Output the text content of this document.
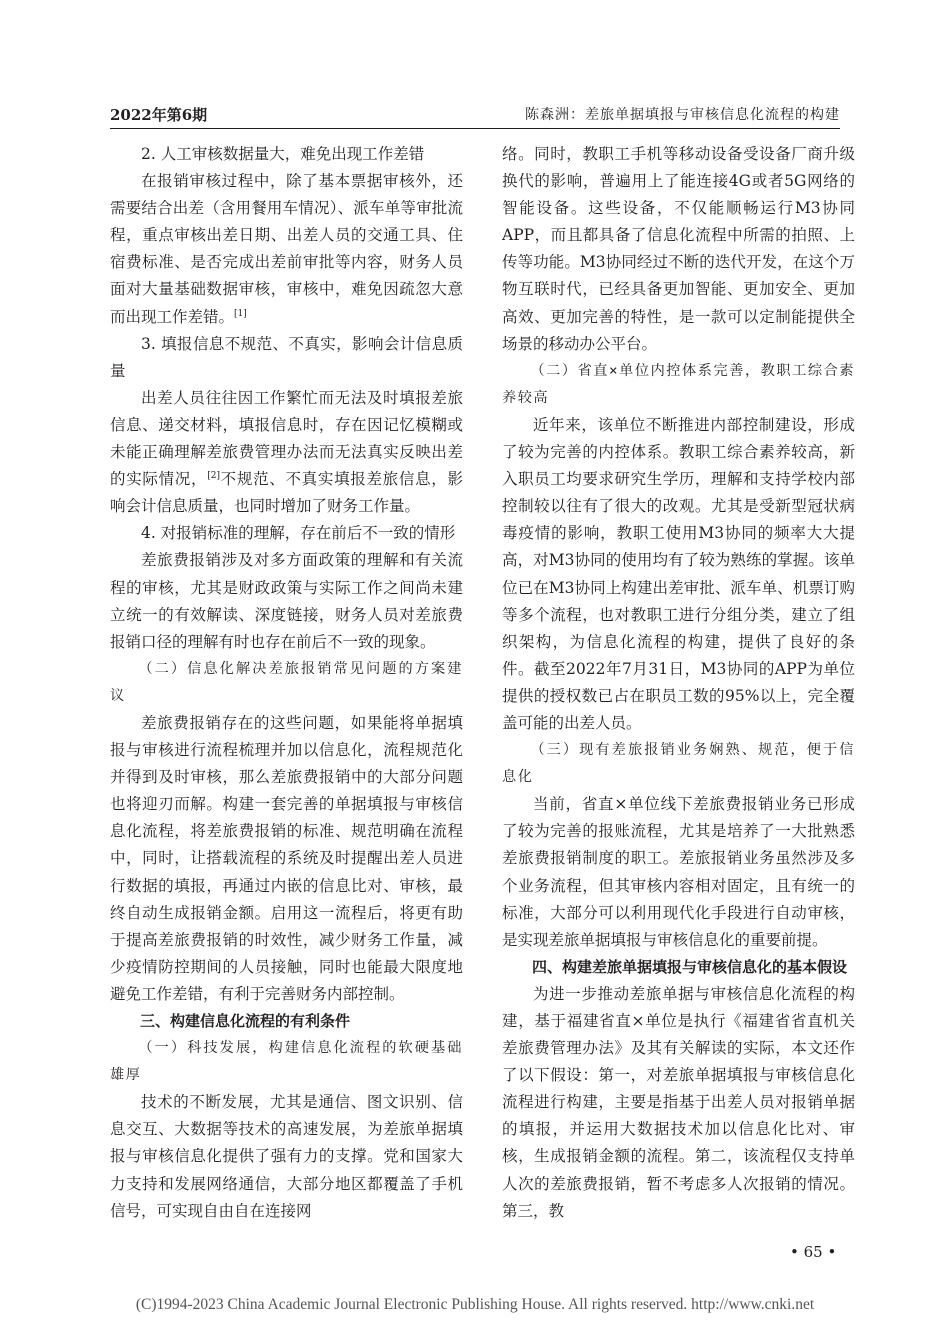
2022年第6期	陈森洲：差旅单据填报与审核信息化流程的构建

2. 人工审核数据量大，难免出现工作差错

在报销审核过程中，除了基本票据审核外，还需要结合出差（含用餐用车情况）、派车单等审批流程，重点审核出差日期、出差人员的交通工具、住宿费标准、是否完成出差前审批等内容，财务人员面对大量基础数据审核，审核中，难免因疏忽大意而出现工作差错。[1]

3. 填报信息不规范、不真实，影响会计信息质量

出差人员往往因工作繁忙而无法及时填报差旅信息、递交材料，填报信息时，存在因记忆模糊或未能正确理解差旅费管理办法而无法真实反映出差的实际情况，[2]不规范、不真实填报差旅信息，影响会计信息质量，也同时增加了财务工作量。

4. 对报销标准的理解，存在前后不一致的情形

差旅费报销涉及对多方面政策的理解和有关流程的审核，尤其是财政政策与实际工作之间尚未建立统一的有效解读、深度链接，财务人员对差旅费报销口径的理解有时也存在前后不一致的现象。

（二）信息化解决差旅报销常见问题的方案建议

差旅费报销存在的这些问题，如果能将单据填报与审核进行流程梳理并加以信息化，流程规范化并得到及时审核，那么差旅费报销中的大部分问题也将迎刃而解。构建一套完善的单据填报与审核信息化流程，将差旅费报销的标准、规范明确在流程中，同时，让搭载流程的系统及时提醒出差人员进行数据的填报，再通过内嵌的信息比对、审核，最终自动生成报销金额。启用这一流程后，将更有助于提高差旅费报销的时效性，减少财务工作量，减少疫情防控期间的人员接触，同时也能最大限度地避免工作差错，有利于完善财务内部控制。

三、构建信息化流程的有利条件

（一）科技发展，构建信息化流程的软硬基础雄厚

技术的不断发展，尤其是通信、图文识别、信息交互、大数据等技术的高速发展，为差旅单据填报与审核信息化提供了强有力的支撑。党和国家大力支持和发展网络通信，大部分地区都覆盖了手机信号，可实现自由自在连接网

络。同时，教职工手机等移动设备受设备厂商升级换代的影响，普遍用上了能连接4G或者5G网络的智能设备。这些设备，不仅能顺畅运行M3协同APP，而且都具备了信息化流程中所需的拍照、上传等功能。M3协同经过不断的迭代开发，在这个万物互联时代，已经具备更加智能、更加安全、更加高效、更加完善的特性，是一款可以定制能提供全场景的移动办公平台。

（二）省直×单位内控体系完善，教职工综合素养较高

近年来，该单位不断推进内部控制建设，形成了较为完善的内控体系。教职工综合素养较高，新入职员工均要求研究生学历，理解和支持学校内部控制较以往有了很大的改观。尤其是受新型冠状病毒疫情的影响，教职工使用M3协同的频率大大提高，对M3协同的使用均有了较为熟练的掌握。该单位已在M3协同上构建出差审批、派车单、机票订购等多个流程，也对教职工进行分组分类，建立了组织架构，为信息化流程的构建，提供了良好的条件。截至2022年7月31日，M3协同的APP为单位提供的授权数已占在职员工数的95%以上，完全覆盖可能的出差人员。

（三）现有差旅报销业务娴熟、规范，便于信息化

当前，省直×单位线下差旅费报销业务已形成了较为完善的报账流程，尤其是培养了一大批熟悉差旅费报销制度的职工。差旅报销业务虽然涉及多个业务流程，但其审核内容相对固定，且有统一的标准，大部分可以利用现代化手段进行自动审核，是实现差旅单据填报与审核信息化的重要前提。

四、构建差旅单据填报与审核信息化的基本假设

为进一步推动差旅单据与审核信息化流程的构建，基于福建省直×单位是执行《福建省省直机关差旅费管理办法》及其有关解读的实际，本文还作了以下假设：第一，对差旅单据填报与审核信息化流程进行构建，主要是指基于出差人员对报销单据的填报，并运用大数据技术加以信息化比对、审核，生成报销金额的流程。第二，该流程仅支持单人次的差旅费报销，暂不考虑多人次报销的情况。第三，教

• 65 •
(C)1994-2023 China Academic Journal Electronic Publishing House. All rights reserved. http://www.cnki.net
